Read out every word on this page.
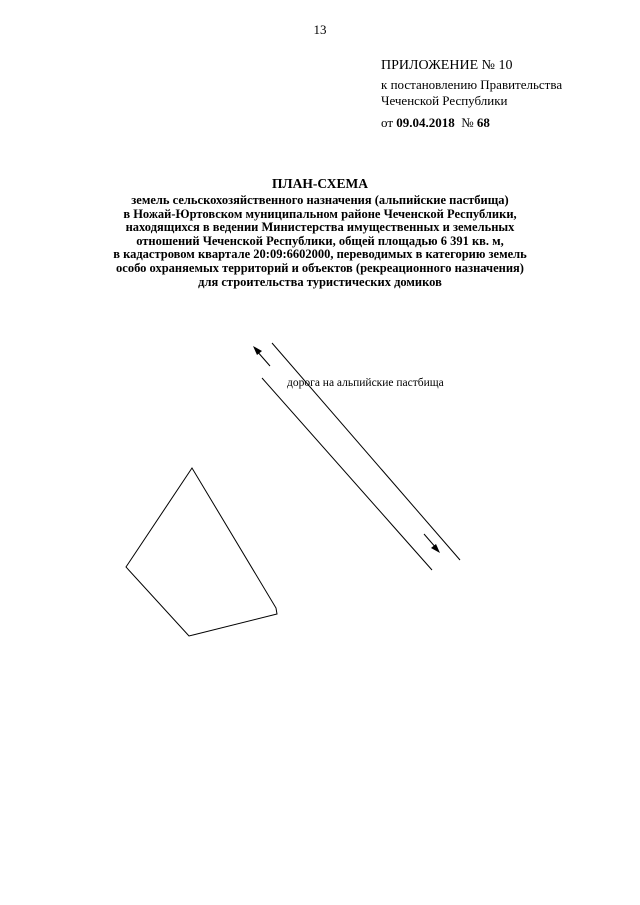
13
ПРИЛОЖЕНИЕ № 10
к постановлению Правительства
Чеченской Республики
от 09.04.2018 № 68
ПЛАН-СХЕМА
земель сельскохозяйственного назначения (альпийские пастбища)
в Ножай-Юртовском муниципальном районе Чеченской Республики,
находящихся в ведении Министерства имущественных и земельных
отношений Чеченской Республики, общей площадью 6 391 кв. м,
в кадастровом квартале 20:09:6602000, переводимых в категорию земель
особо охраняемых территорий и объектов (рекреационного назначения)
для строительства туристических домиков
дорога на альпийские пастбища
